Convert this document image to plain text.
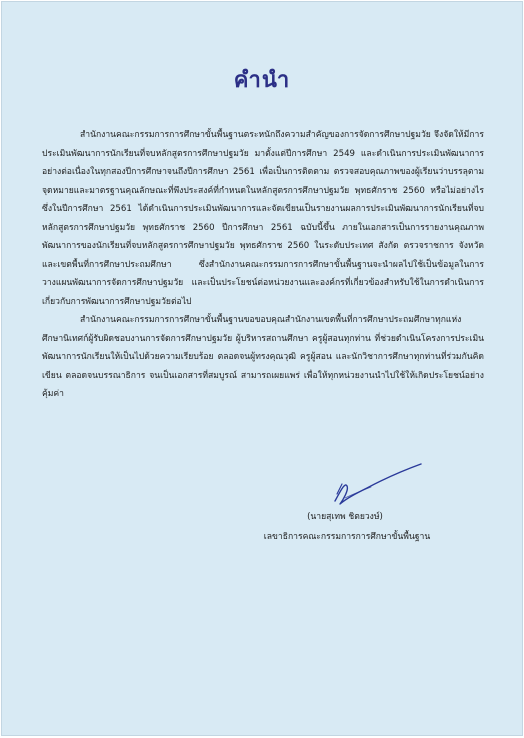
คำนำ

สำนักงานคณะกรรมการการศึกษาขั้นพื้นฐานตระหนักถึงความสำคัญของการจัดการศึกษาปฐมวัย จึงจัดให้มีการประเมินพัฒนาการนักเรียนที่จบหลักสูตรการศึกษาปฐมวัย มาตั้งแต่ปีการศึกษา 2549 และดำเนินการประเมินพัฒนาการอย่างต่อเนื่องในทุกสองปีการศึกษาจนถึงปีการศึกษา 2561 เพื่อเป็นการติดตาม ตรวจสอบคุณภาพของผู้เรียนว่าบรรลุตามจุดหมายและมาตรฐานคุณลักษณะที่พึงประสงค์ที่กำหนดในหลักสูตรการศึกษาปฐมวัย พุทธศักราช 2560 หรือไม่อย่างไร ซึ่งในปีการศึกษา 2561 ได้ดำเนินการประเมินพัฒนาการและจัดเขียนเป็นรายงานผลการประเมินพัฒนาการนักเรียนที่จบหลักสูตรการศึกษาปฐมวัย พุทธศักราช 2560 ปีการศึกษา 2561 ฉบับนี้ขึ้น ภายในเอกสารเป็นการรายงานคุณภาพพัฒนาการของนักเรียนที่จบหลักสูตรการศึกษาปฐมวัย พุทธศักราช 2560 ในระดับประเทศ สังกัด ตรวจราชการ จังหวัด และเขตพื้นที่การศึกษาประถมศึกษา ซึ่งสำนักงานคณะกรรมการการศึกษาขั้นพื้นฐานจะนำผลไปใช้เป็นข้อมูลในการวางแผนพัฒนาการจัดการศึกษาปฐมวัย และเป็นประโยชน์ต่อหน่วยงานและองค์กรที่เกี่ยวข้องสำหรับใช้ในการดำเนินการเกี่ยวกับการพัฒนาการศึกษาปฐมวัยต่อไป

สำนักงานคณะกรรมการการศึกษาขั้นพื้นฐานขอขอบคุณสำนักงานเขตพื้นที่การศึกษาประถมศึกษาทุกแห่ง ศึกษานิเทศก์ผู้รับผิดชอบงานการจัดการศึกษาปฐมวัย ผู้บริหารสถานศึกษา ครูผู้สอนทุกท่าน ที่ช่วยดำเนินโครงการประเมินพัฒนาการนักเรียนให้เป็นไปด้วยความเรียบร้อย ตลอดจนผู้ทรงคุณวุฒิ ครูผู้สอน และนักวิชาการศึกษาทุกท่านที่ร่วมกันคิด เขียน ตลอดจนบรรณาธิการ จนเป็นเอกสารที่สมบูรณ์ สามารถเผยแพร่ เพื่อให้ทุกหน่วยงานนำไปใช้ให้เกิดประโยชน์อย่างคุ้มค่า

(นายสุเทพ ชิตยวงษ์)
เลขาธิการคณะกรรมการการศึกษาขั้นพื้นฐาน
